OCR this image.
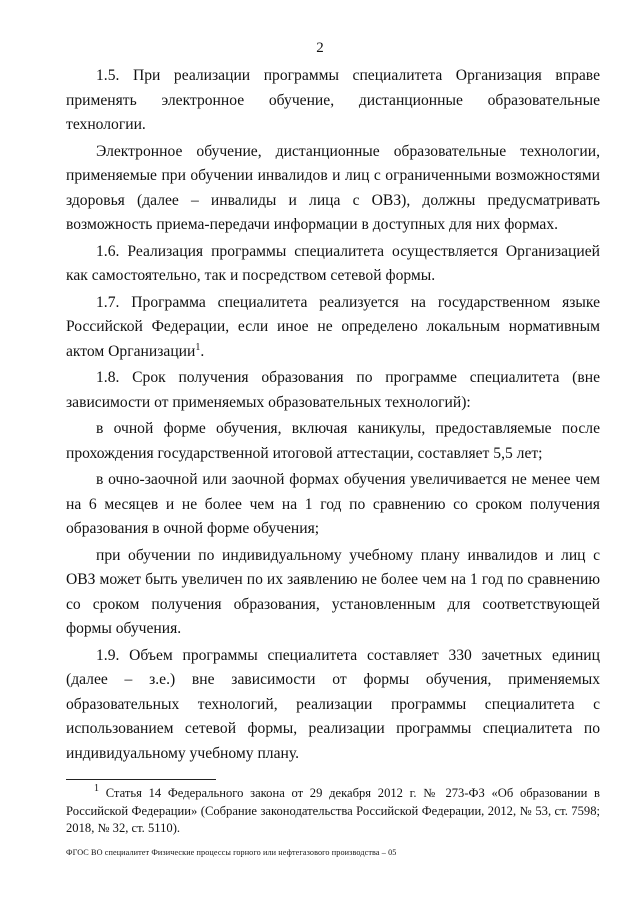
2

1.5. При реализации программы специалитета Организация вправе применять электронное обучение, дистанционные образовательные технологии.

Электронное обучение, дистанционные образовательные технологии, применяемые при обучении инвалидов и лиц с ограниченными возможностями здоровья (далее – инвалиды и лица с ОВЗ), должны предусматривать возможность приема-передачи информации в доступных для них формах.

1.6. Реализация программы специалитета осуществляется Организацией как самостоятельно, так и посредством сетевой формы.

1.7. Программа специалитета реализуется на государственном языке Российской Федерации, если иное не определено локальным нормативным актом Организации$^1$.

1.8. Срок получения образования по программе специалитета (вне зависимости от применяемых образовательных технологий):

в очной форме обучения, включая каникулы, предоставляемые после прохождения государственной итоговой аттестации, составляет 5,5 лет;

в очно-заочной или заочной формах обучения увеличивается не менее чем на 6 месяцев и не более чем на 1 год по сравнению со сроком получения образования в очной форме обучения;

при обучении по индивидуальному учебному плану инвалидов и лиц с ОВЗ может быть увеличен по их заявлению не более чем на 1 год по сравнению со сроком получения образования, установленным для соответствующей формы обучения.

1.9. Объем программы специалитета составляет 330 зачетных единиц (далее – з.е.) вне зависимости от формы обучения, применяемых образовательных технологий, реализации программы специалитета с использованием сетевой формы, реализации программы специалитета по индивидуальному учебному плану.

$^1$ Статья 14 Федерального закона от 29 декабря 2012 г. № 273-ФЗ «Об образовании в Российской Федерации» (Собрание законодательства Российской Федерации, 2012, № 53, ст. 7598; 2018, № 32, ст. 5110).

ФГОС ВО специалитет Физические процессы горного или нефтегазового производства – 05
